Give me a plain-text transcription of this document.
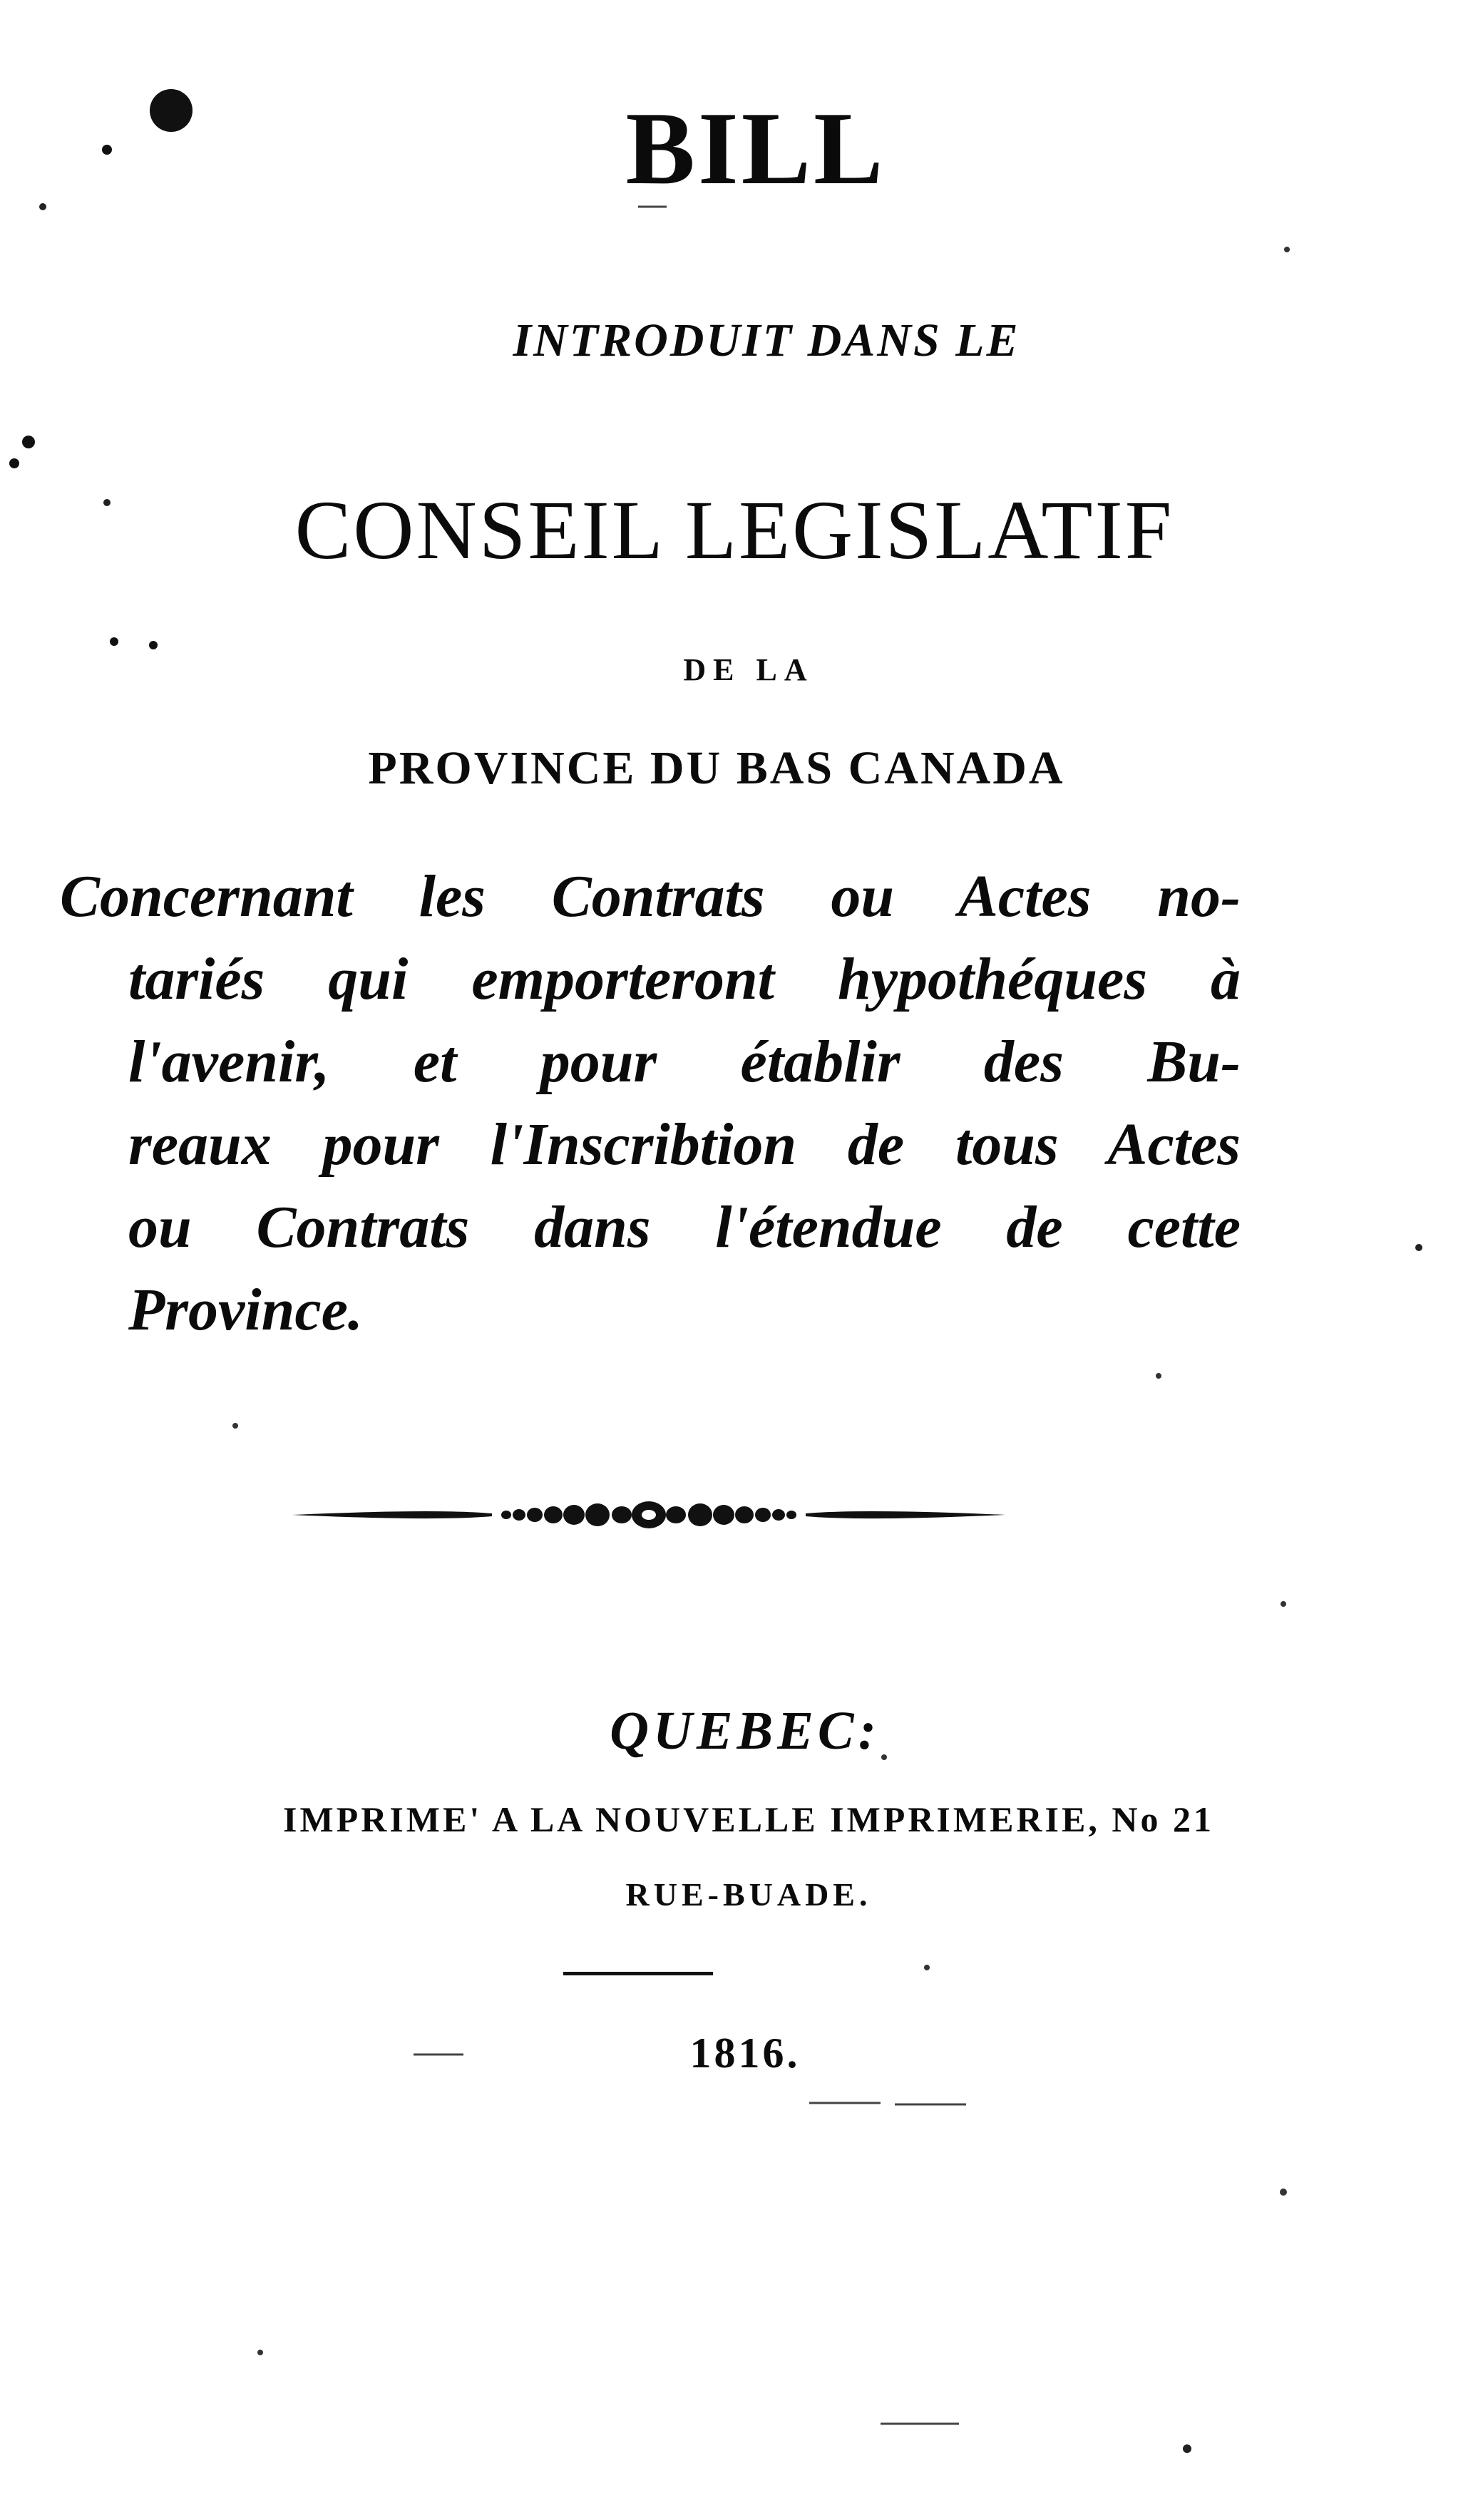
BILL
INTRODUIT DANS LE
CONSEIL LEGISLATIF
DE LA
PROVINCE DU BAS CANADA
Concernant les Contrats ou Actes no-
tariés qui emporteront hypothéques à
l'avenir, et pour établir des Bu-
reaux pour l'Inscribtion de tous Actes
ou Contrats dans l'étendue de cette
Province.
QUEBEC:
IMPRIME' A LA NOUVELLE IMPRIMERIE, No 21
RUE-BUADE.
1816.
